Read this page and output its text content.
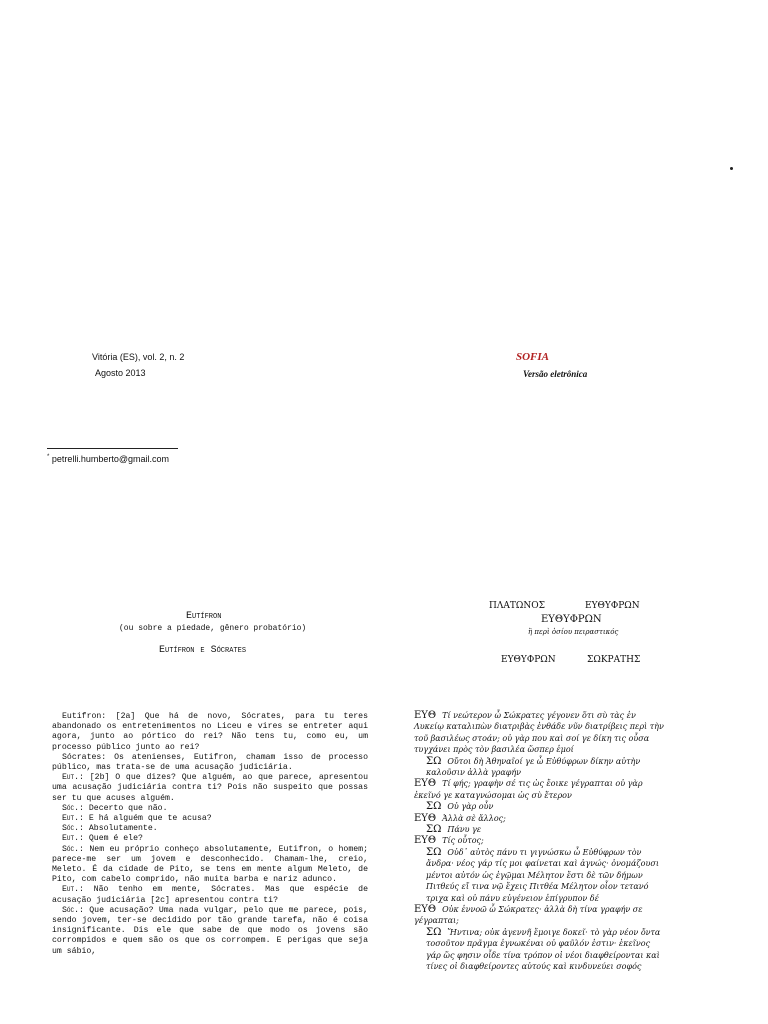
Vitória (ES), vol. 2, n. 2
Agosto 2013
SOFIA
Versão eletrônica
* petrelli.humberto@gmail.com
Eutífron
(ou sobre a piedade, gênero probatório)
Eutífron e Sócrates
ΠΛΑΤΩΝΟΣ	ΕΥΘΥΦΡΩΝ
ΕΥΘΥΦΡΩΝ
ἢ περὶ ὁσίου πειραστικός
ΕΥΘΥΦΡΩΝ	ΣΩΚΡΑΤΗΣ

Eutifron: [2a] Que há de novo, Sócrates, para tu teres abandonado os entretenimentos no Liceu e vires se entreter aqui agora, junto ao pórtico do rei? Não tens tu, como eu, um processo público junto ao rei?

Sócrates: Os atenienses, Eutifron, chamam isso de processo público, mas trata-se de uma acusação judiciária.

Eut.: [2b] O que dizes? Que alguém, ao que parece, apresentou uma acusação judiciária contra ti? Pois não suspeito que possas ser tu que acuses alguém.

Sóc.: Decerto que não.

Eut.: E há alguém que te acusa?

Sóc.: Absolutamente.

Eut.: Quem é ele?

Sóc.: Nem eu próprio conheço absolutamente, Eutifron, o homem; parece-me ser um jovem e desconhecido. Chamam-lhe, creio, Meleto. É da cidade de Pito, se tens em mente algum Meleto, de Pito, com cabelo comprido, não muita barba e nariz adunco.

Eut.: Não tenho em mente, Sócrates. Mas que espécie de acusação judiciária [2c] apresentou contra ti?

Sóc.: Que acusação? Uma nada vulgar, pelo que me parece, pois, sendo jovem, ter-se decidido por tão grande tarefa, não é coisa insignificante. Dis ele que sabe de que modo os jovens são corrompidos e quem são os que os corrompem. E perigas que seja um sábio,

ΕΥΘ Τί νεώτερον ὦ Σώκρατες γέγονεν ὅτι σὺ τὰς ἐν Λυκείῳ καταλιπὼν διατριβὰς ἐνθάδε νῦν διατρίβεις περὶ τὴν τοῦ βασιλέως στοάν; οὐ γὰρ που καὶ σοί γε δίκη τις οὖσα τυγχάνει πρὸς τὸν βασιλέα ὥσπερ ἐμοί

ΣΩ Οὔτοι δὴ Ἀθηναῖοί γε ὦ Εὐθύφρων δίκην αὐτὴν καλοῦσιν ἀλλὰ γραφήν

ΕΥΘ Τί φής; γραφὴν σέ τις ὡς ἔοικε γέγραπται οὐ γὰρ ἐκεῖνό γε καταγνώσομαι ὡς σὺ ἕτερον

ΣΩ Οὐ γὰρ οὖν

ΕΥΘ Ἀλλὰ σὲ ἄλλος;

ΣΩ Πάνυ γε

ΕΥΘ Τίς οὗτος;

ΣΩ Οὐδ᾽ αὐτὸς πάνυ τι γιγνώσκω ὦ Εὐθύφρων τὸν ἄνδρα· νέος γάρ τίς μοι φαίνεται καὶ ἀγνώς· ὀνομάζουσι μέντοι αὐτόν ὡς ἐγῷμαι Μέλητον ἔστι δὲ τῶν δήμων Πιτθεύς εἴ τινα νῷ ἔχεις Πιτθέα Μέλητον οἷον τετανό τριχα καὶ οὐ πάνυ εὐγένειον ἐπίγρυπον δέ

ΕΥΘ Οὐκ ἐννοῶ ὦ Σώκρατες· ἀλλὰ δὴ τίνα γραφήν σε γέγραπται;

ΣΩ Ἥντινα; οὐκ ἀγεννῆ ἔμοιγε δοκεῖ· τὸ γὰρ νέον ὄντα τοσοῦτον πρᾶγμα ἐγνωκέναι οὐ φαῦλόν ἐστιν· ἐκεῖνος γάρ ὥς φησιν οἶδε τίνα τρόπον οἱ νέοι διαφθείρονται καὶ τίνες οἱ διαφθείροντες αὐτούς καὶ κινδυνεύει σοφός
